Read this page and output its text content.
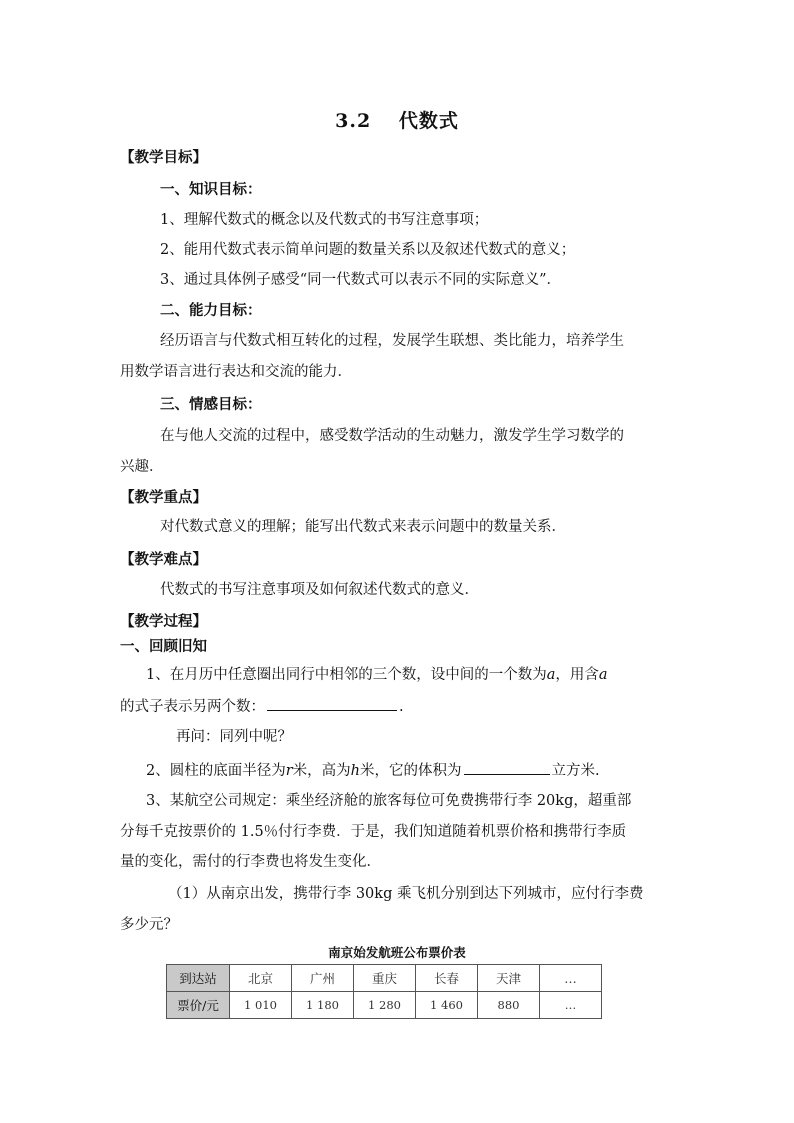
3.2　 代数式
【教学目标】
一、知识目标：
1、理解代数式的概念以及代数式的书写注意事项；
2、能用代数式表示简单问题的数量关系以及叙述代数式的意义；
3、通过具体例子感受“同一代数式可以表示不同的实际意义”．
二、能力目标：
经历语言与代数式相互转化的过程，发展学生联想、类比能力，培养学生
用数学语言进行表达和交流的能力．
三、情感目标：
在与他人交流的过程中，感受数学活动的生动魅力，激发学生学习数学的
兴趣．
【教学重点】
对代数式意义的理解；能写出代数式来表示问题中的数量关系．
【教学难点】
代数式的书写注意事项及如何叙述代数式的意义．
【教学过程】
一、回顾旧知
1、在月历中任意圈出同行中相邻的三个数，设中间的一个数为a，用含a
的式子表示另两个数：	.
再问：同列中呢？
2、圆柱的底面半径为r米，高为h米，它的体积为	立方米.
3、某航空公司规定：乘坐经济舱的旅客每位可免费携带行李 20kg，超重部
分每千克按票价的 1.5％付行李费．于是，我们知道随着机票价格和携带行李质
量的变化，需付的行李费也将发生变化．
（1）从南京出发，携带行李 30kg 乘飞机分别到达下列城市，应付行李费
多少元？
南京始发航班公布票价表
到达站	北京	广州	重庆	长春	天津	…
票价/元	1 010	1 180	1 280	1 460	880	…
